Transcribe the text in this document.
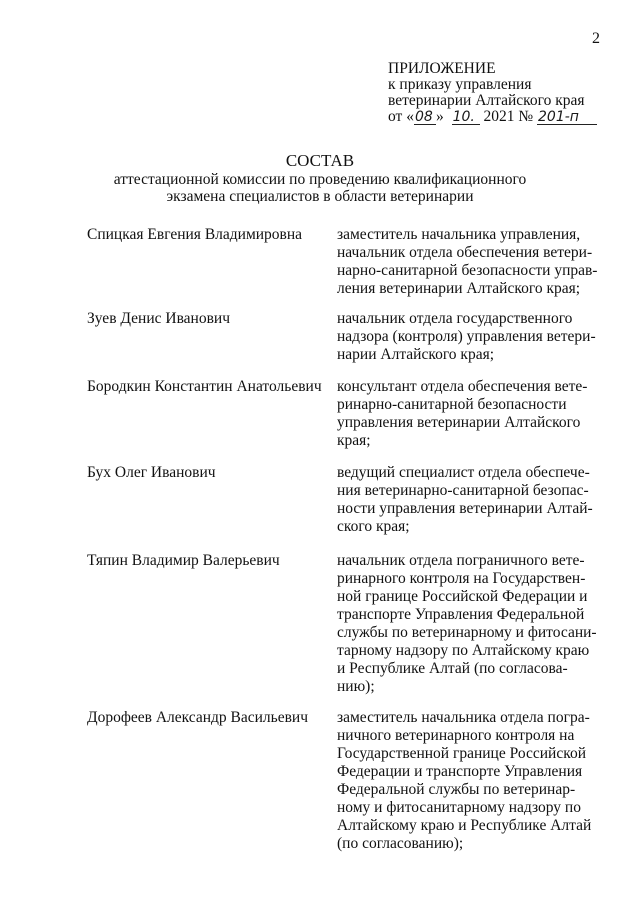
2
ПРИЛОЖЕНИЕ
к приказу управления
ветеринарии Алтайского края
от «08 » 10. 2021 № 201-п
СОСТАВ
аттестационной комиссии по проведению квалификационного
экзамена специалистов в области ветеринарии
Спицкая Евгения Владимировна заместитель начальника управления,

начальник отдела обеспечения ветери-

нарно-санитарной безопасности управ-

ления ветеринарии Алтайского края;

Зуев Денис Иванович	начальник отдела государственного

надзора (контроля) управления ветери-

нарии Алтайского края;

Бородкин Константин Анатольевич консультант отдела обеспечения вете-

ринарно-санитарной безопасности

управления ветеринарии Алтайского

края;

Бух Олег Иванович	ведущий специалист отдела обеспече-

ния ветеринарно-санитарной безопас-

ности управления ветеринарии Алтай-

ского края;

Тяпин Владимир Валерьевич	начальник отдела пограничного вете-

ринарного контроля на Государствен-

ной границе Российской Федерации и

транспорте Управления Федеральной

службы по ветеринарному и фитосани-

тарному надзору по Алтайскому краю

и Республике Алтай (по согласова-

нию);

Дорофеев Александр Васильевич заместитель начальника отдела погра-

ничного ветеринарного контроля на

Государственной границе Российской

Федерации и транспорте Управления

Федеральной службы по ветеринар-

ному и фитосанитарному надзору по

Алтайскому краю и Республике Алтай

(по согласованию);
